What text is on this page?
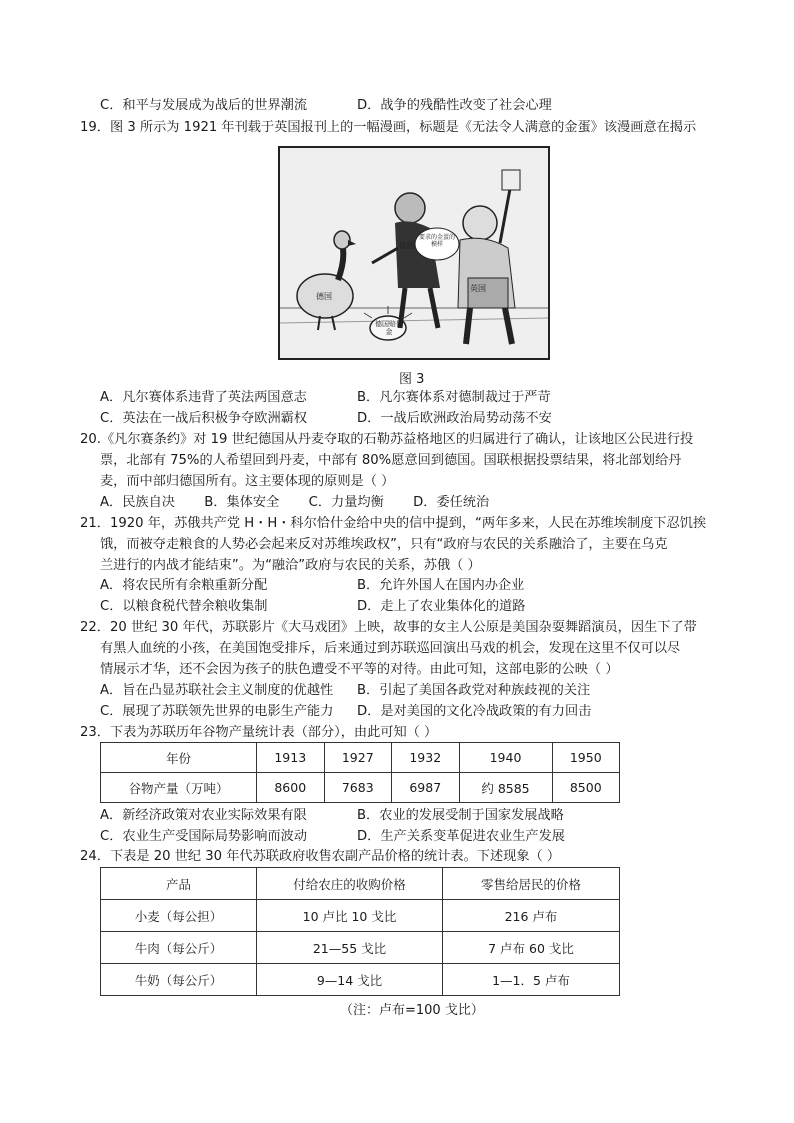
C．和平与发展成为战后的世界潮流	D．战争的残酷性改变了社会心理
19．图 3 所示为 1921 年刊载于英国报刊上的一幅漫画，标题是《无法令人满意的金蛋》该漫画意在揭示
法国
德国
英国
德国赔偿金
要求的金蛋的模样
图 3
A．凡尔赛体系违背了英法两国意志	B．凡尔赛体系对德制裁过于严苛
C．英法在一战后积极争夺欧洲霸权	D．一战后欧洲政治局势动荡不安
20.《凡尔赛条约》对 19 世纪德国从丹麦夺取的石勒苏益格地区的归属进行了确认，让该地区公民进行投
票，北部有 75%的人希望回到丹麦，中部有 80%愿意回到德国。国联根据投票结果，将北部划给丹
麦，而中部归德国所有。这主要体现的原则是（ ）
A．民族自决       B．集体安全       C．力量均衡       D．委任统治
21．1920 年，苏俄共产党 H・H・科尔恰什金给中央的信中提到，“两年多来，人民在苏维埃制度下忍饥挨
饿，而被夺走粮食的人势必会起来反对苏维埃政权”，只有“政府与农民的关系融洽了，主要在乌克
兰进行的内战才能结束”。为“融洽”政府与农民的关系，苏俄（ ）
A．将农民所有余粮重新分配	B．允许外国人在国内办企业
C．以粮食税代替余粮收集制	D．走上了农业集体化的道路
22．20 世纪 30 年代，苏联影片《大马戏团》上映，故事的女主人公原是美国杂耍舞蹈演员，因生下了带
有黑人血统的小孩，在美国饱受排斥，后来通过到苏联巡回演出马戏的机会，发现在这里不仅可以尽
情展示才华，还不会因为孩子的肤色遭受不平等的对待。由此可知，这部电影的公映（ ）
A．旨在凸显苏联社会主义制度的优越性 B．引起了美国各政党对种族歧视的关注
C．展现了苏联领先世界的电影生产能力 D．是对美国的文化冷战政策的有力回击
23．下表为苏联历年谷物产量统计表（部分），由此可知（ ）
年份	1913	1927	1932	1940	1950
谷物产量（万吨）	8600	7683	6987	约 8585	8500
A．新经济政策对农业实际效果有限	B．农业的发展受制于国家发展战略
C．农业生产受国际局势影响而波动	D．生产关系变革促进农业生产发展
24．下表是 20 世纪 30 年代苏联政府收售农副产品价格的统计表。下述现象（ ）
产品	付给农庄的收购价格	零售给居民的价格
小麦（每公担）	10 卢比 10 戈比	216 卢布
牛肉（每公斤）	21—55 戈比	7 卢布 60 戈比
牛奶（每公斤）	9—14 戈比	1—1．5 卢布
（注：卢布=100 戈比）
